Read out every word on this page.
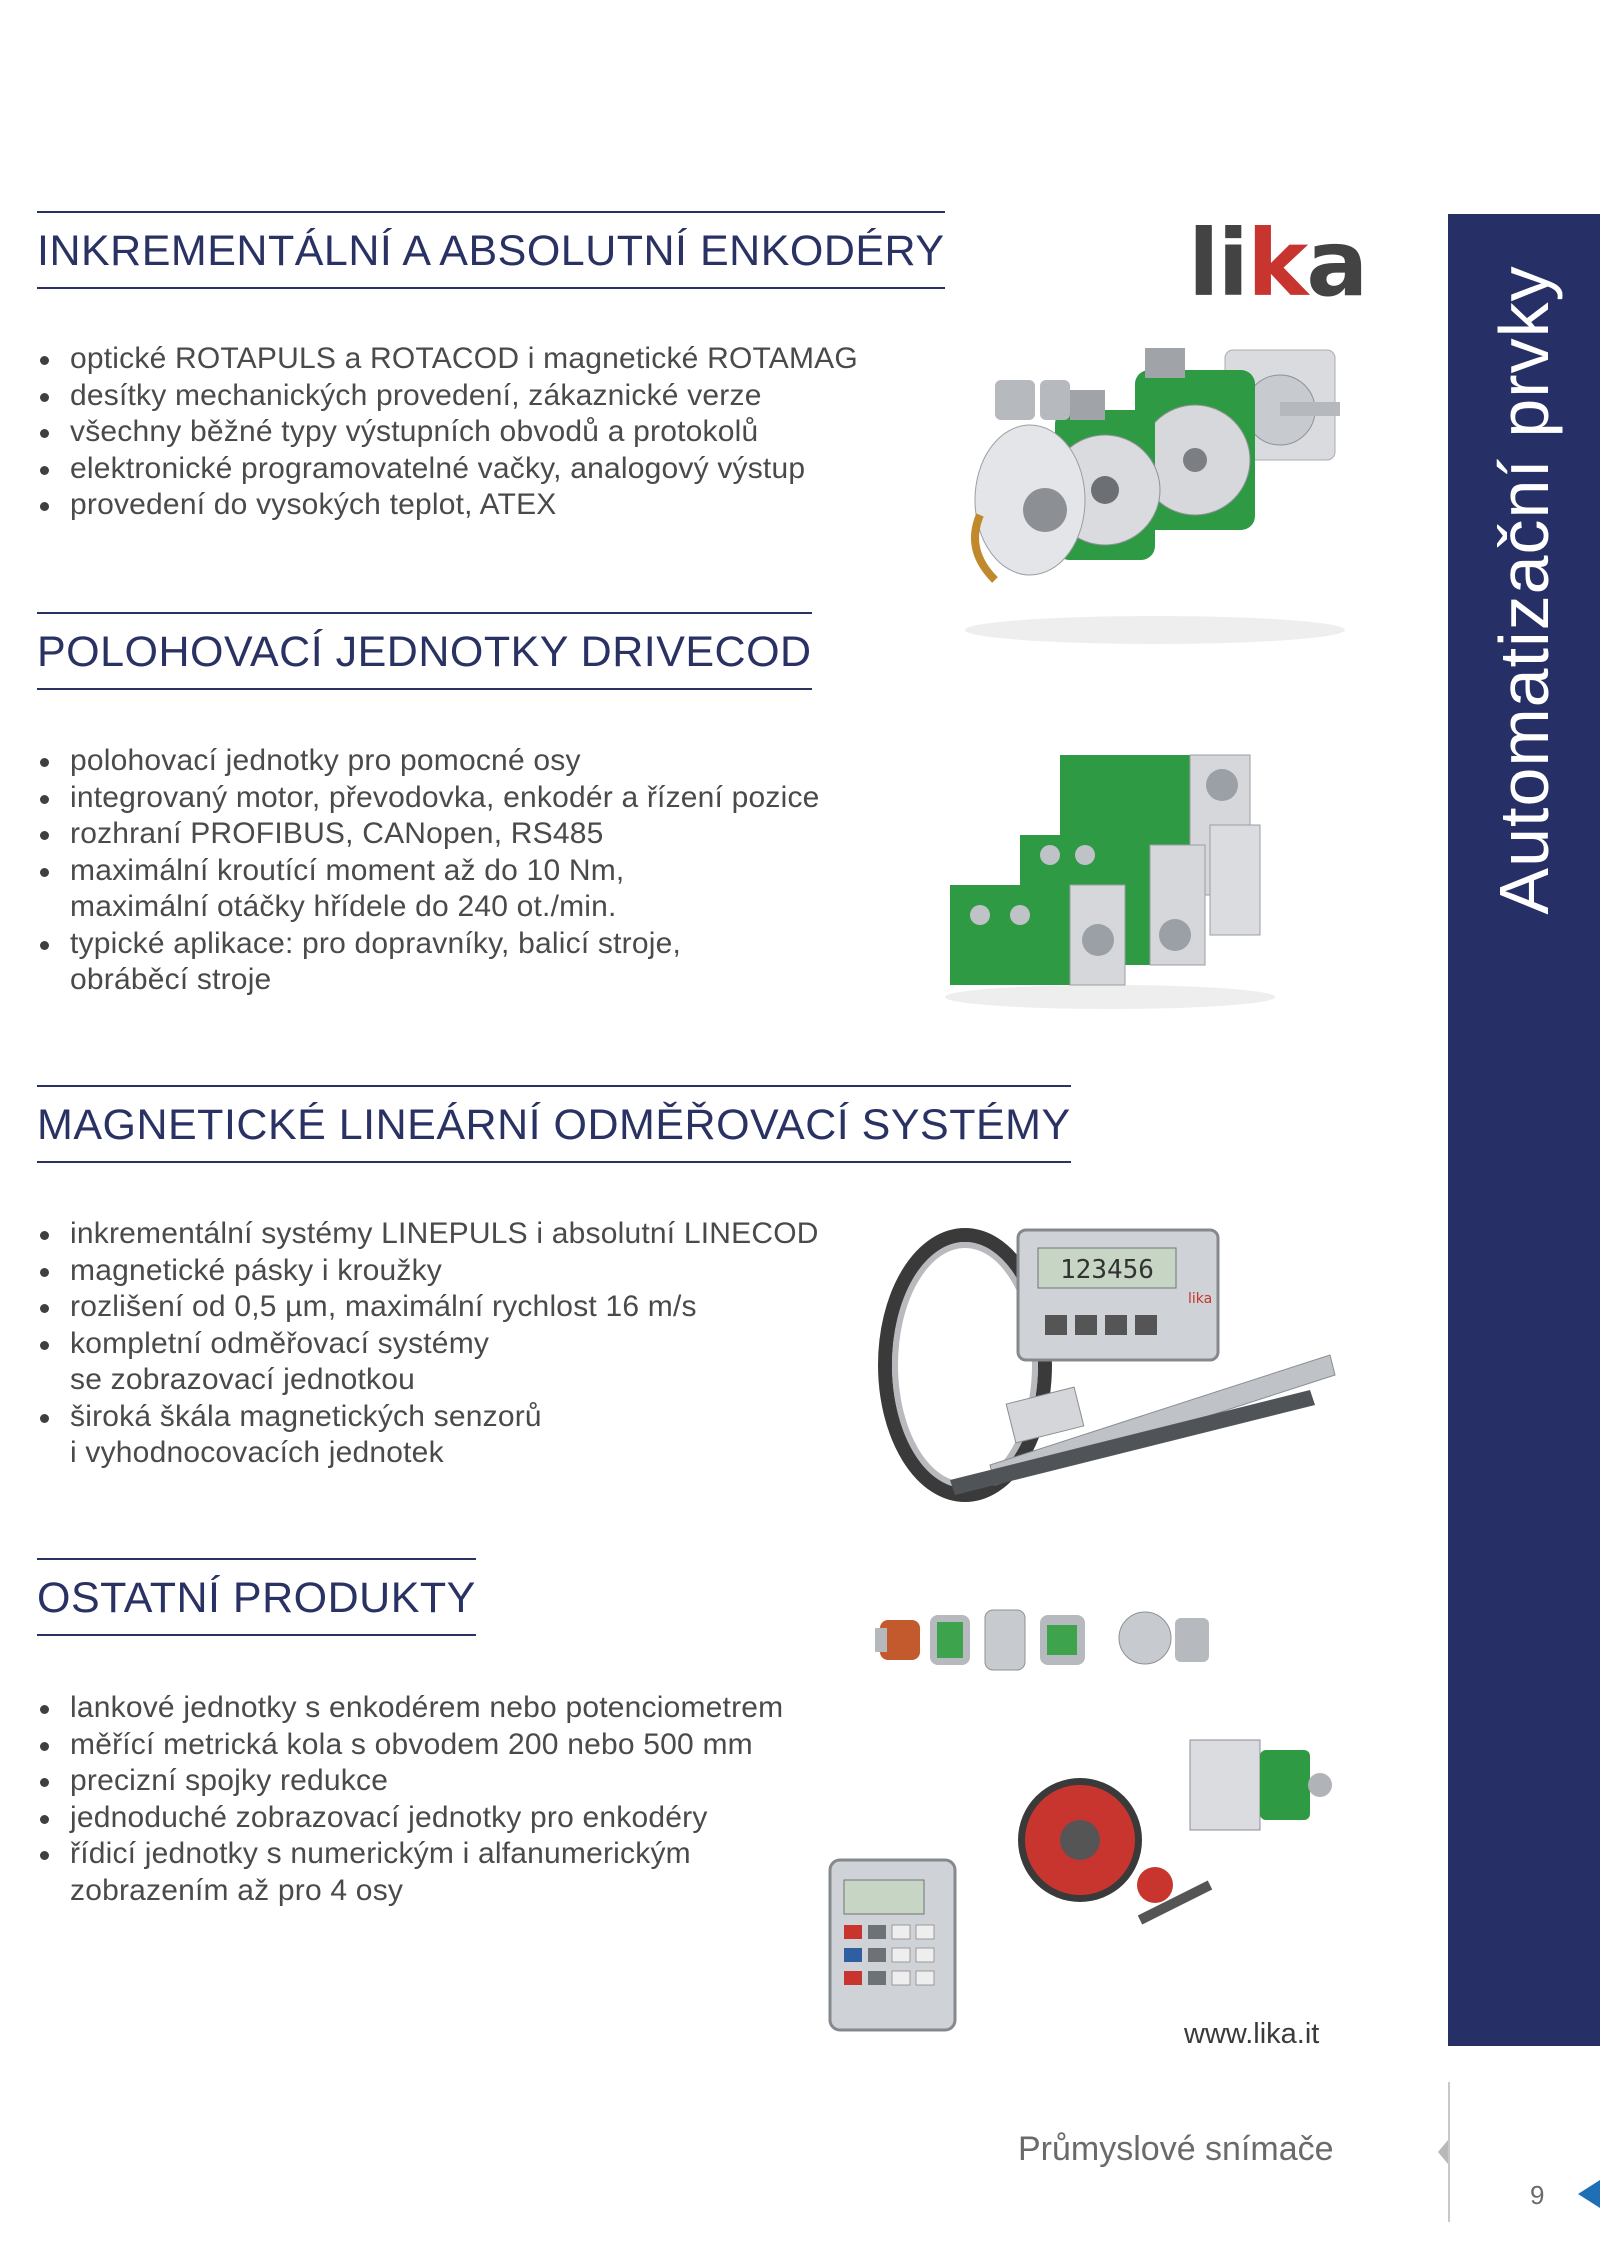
INKREMENTÁLNÍ A ABSOLUTNÍ ENKODÉRY
optické ROTAPULS a ROTACOD i magnetické ROTAMAG
desítky mechanických provedení, zákaznické verze
všechny běžné typy výstupních obvodů a protokolů
elektronické programovatelné vačky, analogový výstup
provedení do vysokých teplot, ATEX
POLOHOVACÍ JEDNOTKY DRIVECOD
polohovací jednotky pro pomocné osy
integrovaný motor, převodovka, enkodér a řízení pozice
rozhraní PROFIBUS, CANopen, RS485
maximální kroutící moment až do 10 Nm,
maximální otáčky hřídele do 240 ot./min.
typické aplikace: pro dopravníky, balicí stroje,
obráběcí stroje
MAGNETICKÉ LINEÁRNÍ ODMĚŘOVACÍ SYSTÉMY
inkrementální systémy LINEPULS i absolutní LINECOD
magnetické pásky i kroužky
rozlišení od 0,5 µm, maximální rychlost 16 m/s
kompletní odměřovací systémy
se zobrazovací jednotkou
široká škála magnetických senzorů
i vyhodnocovacích jednotek
OSTATNÍ PRODUKTY
lankové jednotky s enkodérem nebo potenciometrem
měřící metrická kola s obvodem 200 nebo 500 mm
precizní spojky redukce
jednoduché zobrazovací jednotky pro enkodéry
řídicí jednotky s numerickým i alfanumerickým
zobrazením až pro 4 osy
lika
Automatizační prvky
123456
lika
www.lika.it
Průmyslové snímače
9
